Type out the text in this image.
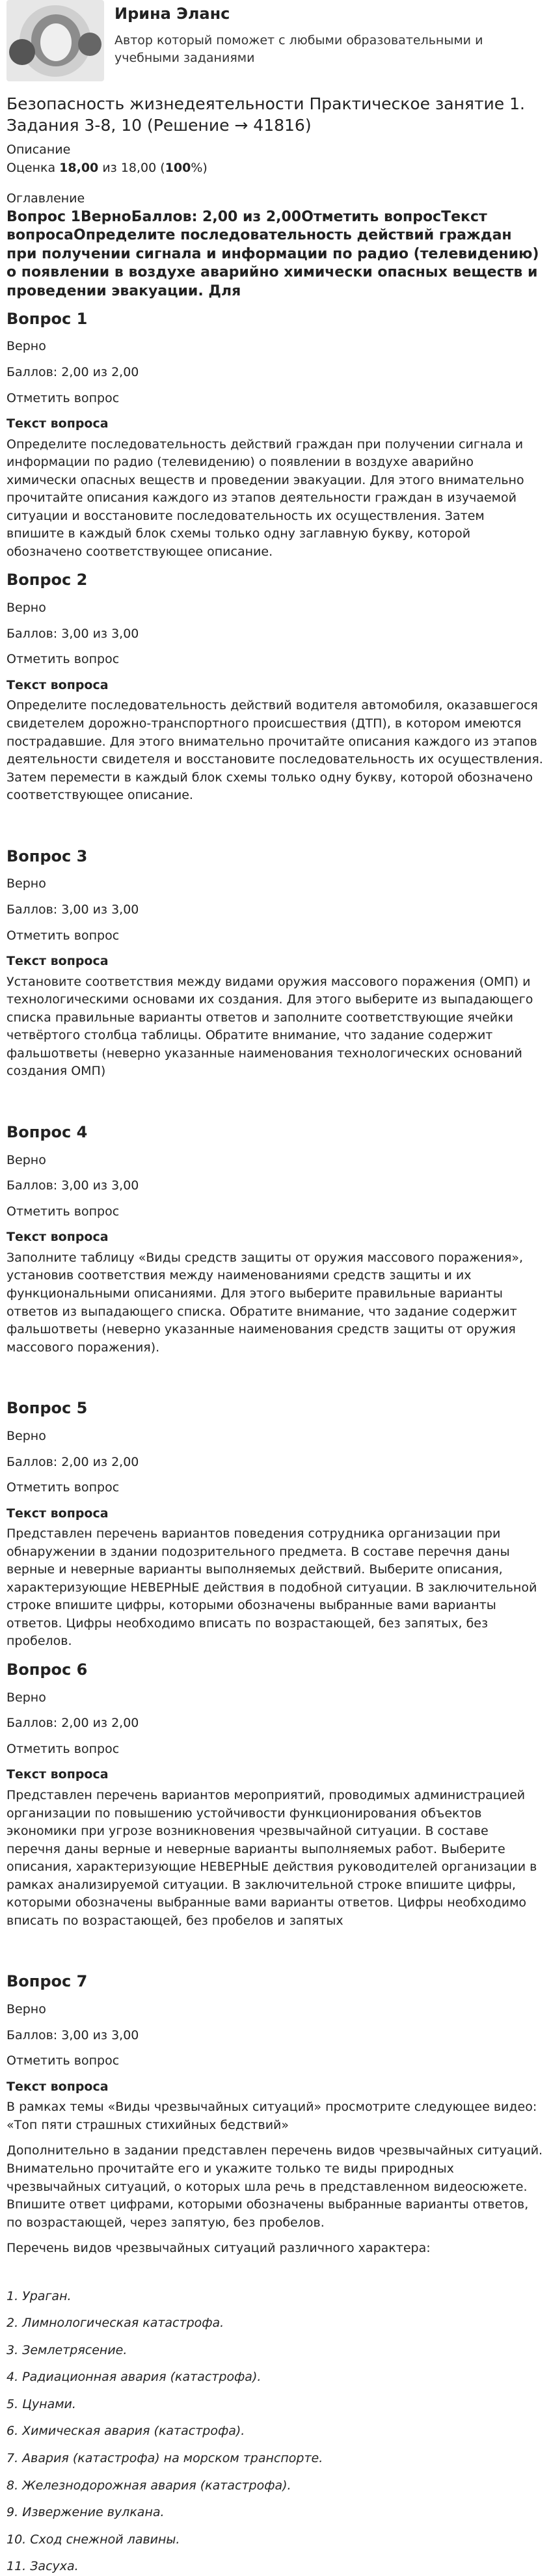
Ирина Эланс
Автор который поможет с любыми образовательными и учебными заданиями
Безопасность жизнедеятельности Практическое занятие 1. Задания 3-8, 10 (Решение → 41816)
Описание
Оценка 18,00 из 18,00 (100%)
Оглавление
Вопрос 1ВерноБаллов: 2,00 из 2,00Отметить вопросТекст вопросаОпределите последовательность действий граждан при получении сигнала и информации по радио (телевидению) о появлении в воздухе аварийно химически опасных веществ и проведении эвакуации. Для
Вопрос 1
Верно
Баллов: 2,00 из 2,00
Отметить вопрос
Текст вопроса

Определите последовательность действий граждан при получении сигнала и информации по радио (телевидению) о появлении в воздухе аварийно химически опасных веществ и проведении эвакуации. Для этого внимательно прочитайте описания каждого из этапов деятельности граждан в изучаемой ситуации и восстановите последовательность их осуществления. Затем впишите в каждый блок схемы только одну заглавную букву, которой обозначено соответствующее описание.

Вопрос 2
Верно
Баллов: 3,00 из 3,00
Отметить вопрос
Текст вопроса

Определите последовательность действий водителя автомобиля, оказавшегося свидетелем дорожно-транспортного происшествия (ДТП), в котором имеются пострадавшие. Для этого внимательно прочитайте описания каждого из этапов деятельности свидетеля и восстановите последовательность их осуществления. Затем перемести в каждый блок схемы только одну букву, которой обозначено соответствующее описание.

Вопрос 3
Верно
Баллов: 3,00 из 3,00
Отметить вопрос
Текст вопроса

Установите соответствия между видами оружия массового поражения (ОМП) и технологическими основами их создания. Для этого выберите из выпадающего списка правильные варианты ответов и заполните соответствующие ячейки четвёртого столбца таблицы. Обратите внимание, что задание содержит фальшответы (неверно указанные наименования технологических оснований создания ОМП)

Вопрос 4
Верно
Баллов: 3,00 из 3,00
Отметить вопрос
Текст вопроса

Заполните таблицу «Виды средств защиты от оружия массового поражения», установив соответствия между наименованиями средств защиты и их функциональными описаниями. Для этого выберите правильные варианты ответов из выпадающего списка. Обратите внимание, что задание содержит фальшответы (неверно указанные наименования средств защиты от оружия массового поражения).

Вопрос 5
Верно
Баллов: 2,00 из 2,00
Отметить вопрос
Текст вопроса

Представлен перечень вариантов поведения сотрудника организации при обнаружении в здании подозрительного предмета. В составе перечня даны верные и неверные варианты выполняемых действий. Выберите описания, характеризующие НЕВЕРНЫЕ действия в подобной ситуации. В заключительной строке впишите цифры, которыми обозначены выбранные вами варианты ответов. Цифры необходимо вписать по возрастающей, без запятых, без пробелов.

Вопрос 6
Верно
Баллов: 2,00 из 2,00
Отметить вопрос
Текст вопроса

Представлен перечень вариантов мероприятий, проводимых администрацией организации по повышению устойчивости функционирования объектов экономики при угрозе возникновения чрезвычайной ситуации. В составе перечня даны верные и неверные варианты выполняемых работ. Выберите описания, характеризующие НЕВЕРНЫЕ действия руководителей организации в рамках анализируемой ситуации. В заключительной строке впишите цифры, которыми обозначены выбранные вами варианты ответов. Цифры необходимо вписать по возрастающей, без пробелов и запятых

Вопрос 7
Верно
Баллов: 3,00 из 3,00
Отметить вопрос
Текст вопроса

В рамках темы «Виды чрезвычайных ситуаций» просмотрите следующее видео: «Топ пяти страшных стихийных бедствий»

Дополнительно в задании представлен перечень видов чрезвычайных ситуаций. Внимательно прочитайте его и укажите только те виды природных чрезвычайных ситуаций, о которых шла речь в представленном видеосюжете. Впишите ответ цифрами, которыми обозначены выбранные варианты ответов, по возрастающей, через запятую, без пробелов.

Перечень видов чрезвычайных ситуаций различного характера:

1. Ураган.
2. Лимнологическая катастрофа.
3. Землетрясение.
4. Радиационная авария (катастрофа).
5. Цунами.
6. Химическая авария (катастрофа).
7. Авария (катастрофа) на морском транспорте.
8. Железнодорожная авария (катастрофа).
9. Извержение вулкана.
10. Сход снежной лавины.
11. Засуха.
